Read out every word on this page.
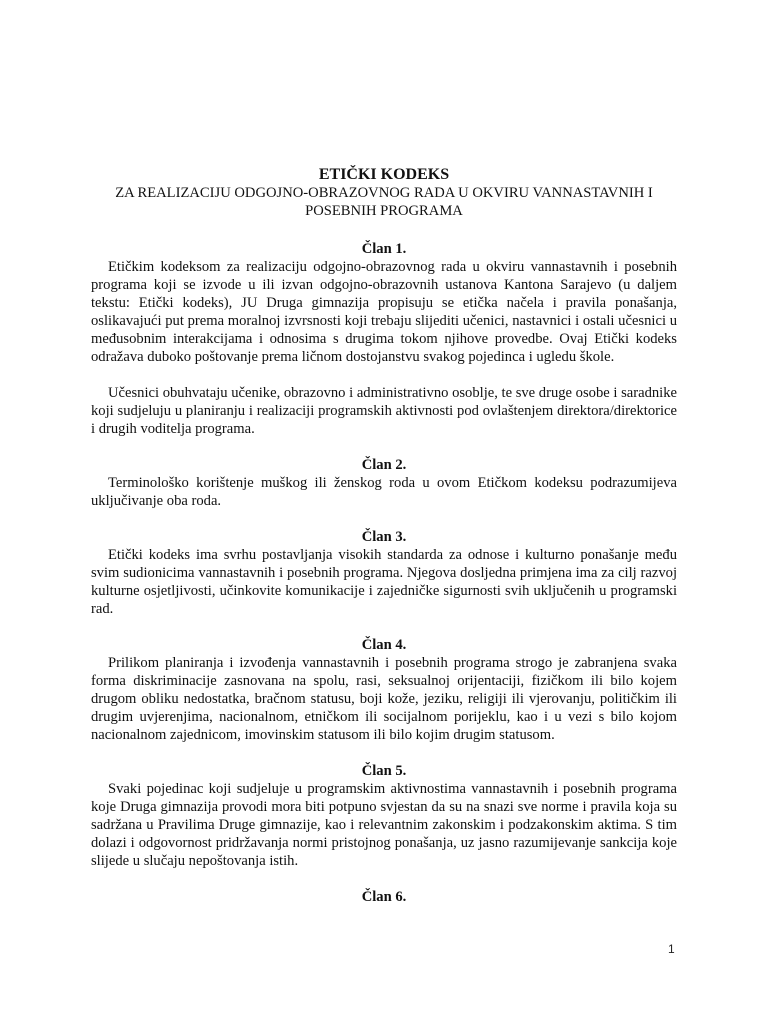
ETIČKI KODEKS

ZA REALIZACIJU ODGOJNO-OBRAZOVNOG RADA U OKVIRU VANNASTAVNIH I

POSEBNIH PROGRAMA

Član 1.

Etičkim kodeksom za realizaciju odgojno-obrazovnog rada u okviru vannastavnih i posebnih programa koji se izvode u ili izvan odgojno-obrazovnih ustanova Kantona Sarajevo (u daljem tekstu: Etički kodeks), JU Druga gimnazija propisuju se etička načela i pravila ponašanja, oslikavajući put prema moralnoj izvrsnosti koji trebaju slijediti učenici, nastavnici i ostali učesnici u međusobnim interakcijama i odnosima s drugima tokom njihove provedbe. Ovaj Etički kodeks odražava duboko poštovanje prema ličnom dostojanstvu svakog pojedinca i ugledu škole.

Učesnici obuhvataju učenike, obrazovno i administrativno osoblje, te sve druge osobe i saradnike koji sudjeluju u planiranju i realizaciji programskih aktivnosti pod ovlaštenjem direktora/direktorice i drugih voditelja programa.

Član 2.

Terminološko korištenje muškog ili ženskog roda u ovom Etičkom kodeksu podrazumijeva uključivanje oba roda.

Član 3.

Etički kodeks ima svrhu postavljanja visokih standarda za odnose i kulturno ponašanje među svim sudionicima vannastavnih i posebnih programa. Njegova dosljedna primjena ima za cilj razvoj kulturne osjetljivosti, učinkovite komunikacije i zajedničke sigurnosti svih uključenih u programski rad.

Član 4.

Prilikom planiranja i izvođenja vannastavnih i posebnih programa strogo je zabranjena svaka forma diskriminacije zasnovana na spolu, rasi, seksualnoj orijentaciji, fizičkom ili bilo kojem drugom obliku nedostatka, bračnom statusu, boji kože, jeziku, religiji ili vjerovanju, političkim ili drugim uvjerenjima, nacionalnom, etničkom ili socijalnom porijeklu, kao i u vezi s bilo kojom nacionalnom zajednicom, imovinskim statusom ili bilo kojim drugim statusom.

Član 5.

Svaki pojedinac koji sudjeluje u programskim aktivnostima vannastavnih i posebnih programa koje Druga gimnazija provodi mora biti potpuno svjestan da su na snazi sve norme i pravila koja su sadržana u Pravilima Druge gimnazije, kao i relevantnim zakonskim i podzakonskim aktima. S tim dolazi i odgovornost pridržavanja normi pristojnog ponašanja, uz jasno razumijevanje sankcija koje slijede u slučaju nepoštovanja istih.

Član 6.

1
